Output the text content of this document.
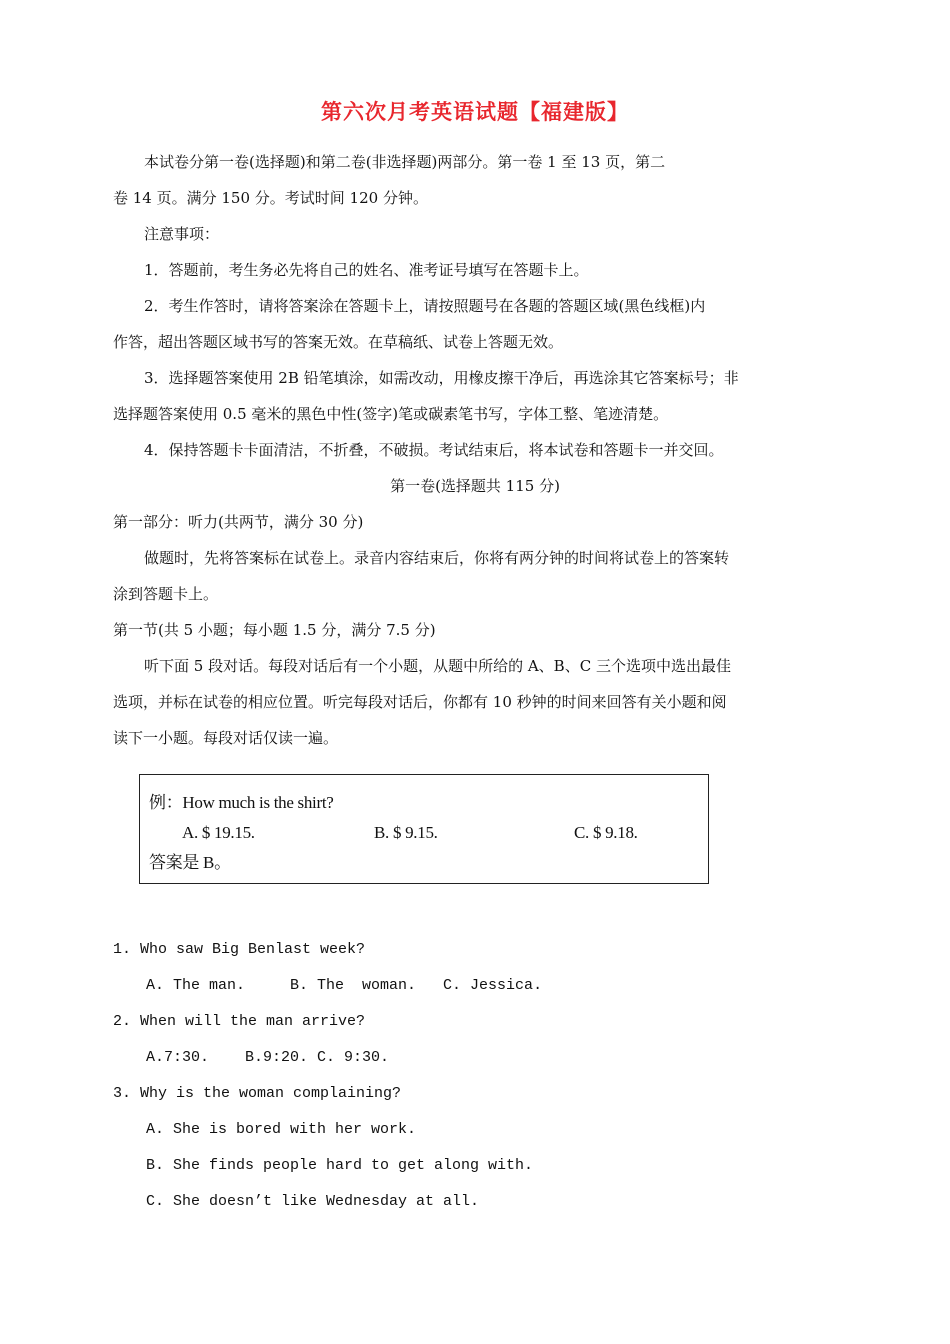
第六次月考英语试题【福建版】
本试卷分第一卷(选择题)和第二卷(非选择题)两部分。第一卷 1 至 13 页，第二
卷 14 页。满分 150 分。考试时间 120 分钟。
注意事项：
1．答题前，考生务必先将自己的姓名、准考证号填写在答题卡上。
2．考生作答时，请将答案涂在答题卡上，请按照题号在各题的答题区域(黑色线框)内
作答，超出答题区域书写的答案无效。在草稿纸、试卷上答题无效。
3．选择题答案使用 2B 铅笔填涂，如需改动，用橡皮擦干净后，再选涂其它答案标号；非
选择题答案使用 0.5 毫米的黑色中性(签字)笔或碳素笔书写，字体工整、笔迹清楚。
4．保持答题卡卡面清洁，不折叠，不破损。考试结束后，将本试卷和答题卡一并交回。
第一卷(选择题共 115 分)
第一部分：听力(共两节，满分 30 分)
做题时，先将答案标在试卷上。录音内容结束后，你将有两分钟的时间将试卷上的答案转
涂到答题卡上。
第一节(共 5 小题；每小题 1.5 分，满分 7.5 分)
听下面 5 段对话。每段对话后有一个小题，从题中所给的 A、B、C 三个选项中选出最佳
选项，并标在试卷的相应位置。听完每段对话后，你都有 10 秒钟的时间来回答有关小题和阅
读下一小题。每段对话仅读一遍。
例：How much is the shirt?
A. $ 19.15.	B. $ 9.15.	C. $ 9.18.
答案是 B。
1. Who saw Big Benlast week?
A. The man.     B. The  woman.   C. Jessica.
2. When will the man arrive?
A.7:30.    B.9:20. C. 9:30.
3. Why is the woman complaining?
A. She is bored with her work.
B. She finds people hard to get along with.
C. She doesn’t like Wednesday at all.
